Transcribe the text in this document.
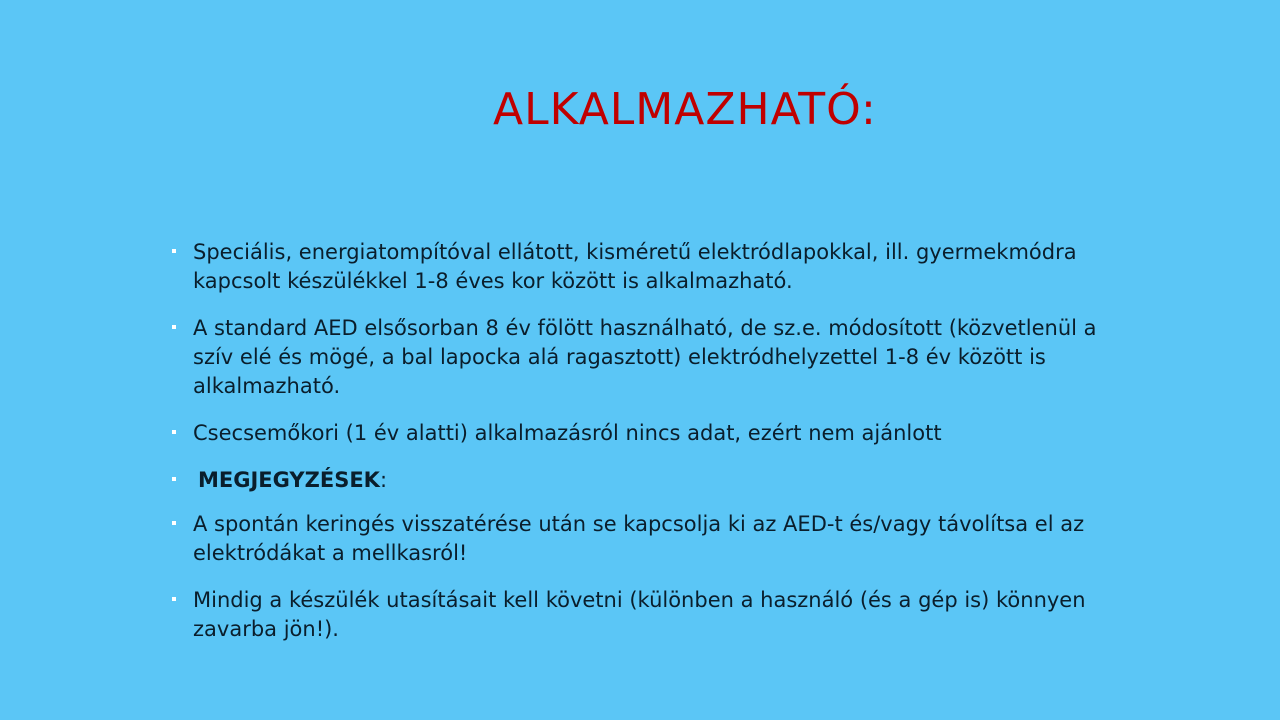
ALKALMAZHATÓ:
Speciális, energiatompítóval ellátott, kisméretű elektródlapokkal, ill. gyermekmódra kapcsolt készülékkel 1-8 éves kor között is alkalmazható.
A standard AED elsősorban 8 év fölött használható, de sz.e. módosított (közvetlenül a szív elé és mögé, a bal lapocka alá ragasztott) elektródhelyzettel 1-8 év között is alkalmazható.
Csecsemőkori (1 év alatti) alkalmazásról nincs adat, ezért nem ajánlott
MEGJEGYZÉSEK:
A spontán keringés visszatérése után se kapcsolja ki az AED-t és/vagy távolítsa el az elektródákat a mellkasról!
Mindig a készülék utasításait kell követni (különben a használó (és a gép is) könnyen zavarba jön!).
